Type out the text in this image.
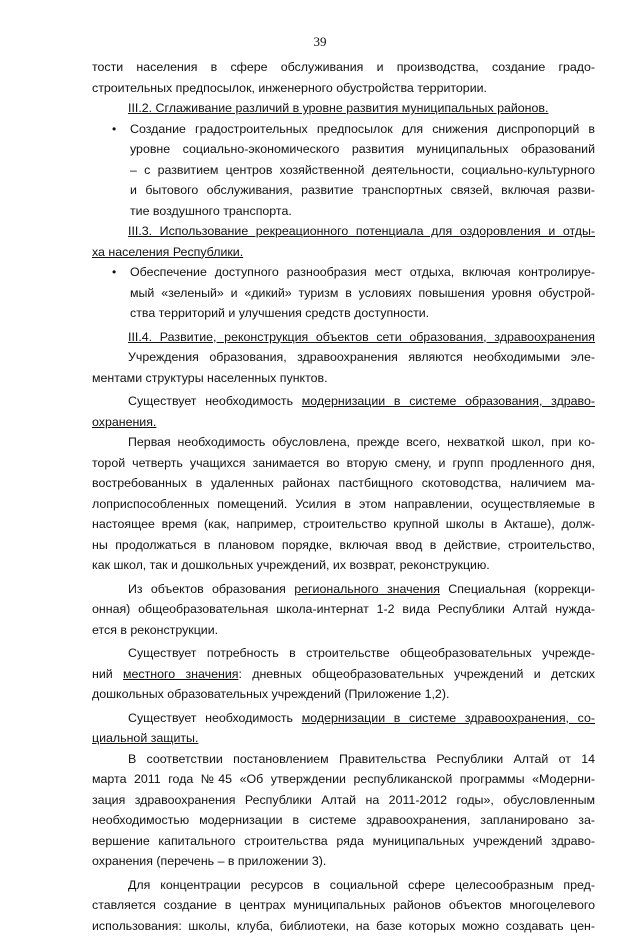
39
тости населения в сфере обслуживания и производства, создание градо-
строительных предпосылок, инженерного обустройства территории.
III.2. Сглаживание различий в уровне развития муниципальных районов.
• Создание градостроительных предпосылок для снижения диспропорций в
уровне социально-экономического развития муниципальных образований
– с развитием центров хозяйственной деятельности, социально-культурного
и бытового обслуживания, развитие транспортных связей, включая разви-
тие воздушного транспорта.
III.3. Использование рекреационного потенциала для оздоровления и отды-
ха населения Республики.
• Обеспечение доступного разнообразия мест отдыха, включая контролируе-
мый «зеленый» и «дикий» туризм в условиях повышения уровня обустрой-
ства территорий и улучшения средств доступности.
III.4. Развитие, реконструкция объектов сети образования, здравоохранения
Учреждения образования, здравоохранения являются необходимыми эле-
ментами структуры населенных пунктов.
Существует необходимость модернизации в системе образования, здраво-
охранения.
Первая необходимость обусловлена, прежде всего, нехваткой школ, при ко-
торой четверть учащихся занимается во вторую смену, и групп продленного дня,
востребованных в удаленных районах пастбищного скотоводства, наличием ма-
лоприспособленных помещений. Усилия в этом направлении, осуществляемые в
настоящее время (как, например, строительство крупной школы в Акташе), долж-
ны продолжаться в плановом порядке, включая ввод в действие, строительство,
как школ, так и дошкольных учреждений, их возврат, реконструкцию.
Из объектов образования регионального значения Специальная (коррекци-
онная) общеобразовательная школа-интернат 1-2 вида Республики Алтай нужда-
ется в реконструкции.
Существует потребность в строительстве общеобразовательных учрежде-
ний местного значения: дневных общеобразовательных учреждений и детских
дошкольных образовательных учреждений (Приложение 1,2).
Существует необходимость модернизации в системе здравоохранения, со-
циальной защиты.
В соответствии постановлением Правительства Республики Алтай от 14
марта 2011 года №45 «Об утверждении республиканской программы «Модерни-
зация здравоохранения Республики Алтай на 2011-2012 годы», обусловленным
необходимостью модернизации в системе здравоохранения, запланировано за-
вершение капитального строительства ряда муниципальных учреждений здраво-
охранения (перечень – в приложении 3).
Для концентрации ресурсов в социальной сфере целесообразным пред-
ставляется создание в центрах муниципальных районов объектов многоцелевого
использования: школы, клуба, библиотеки, на базе которых можно создавать цен-
